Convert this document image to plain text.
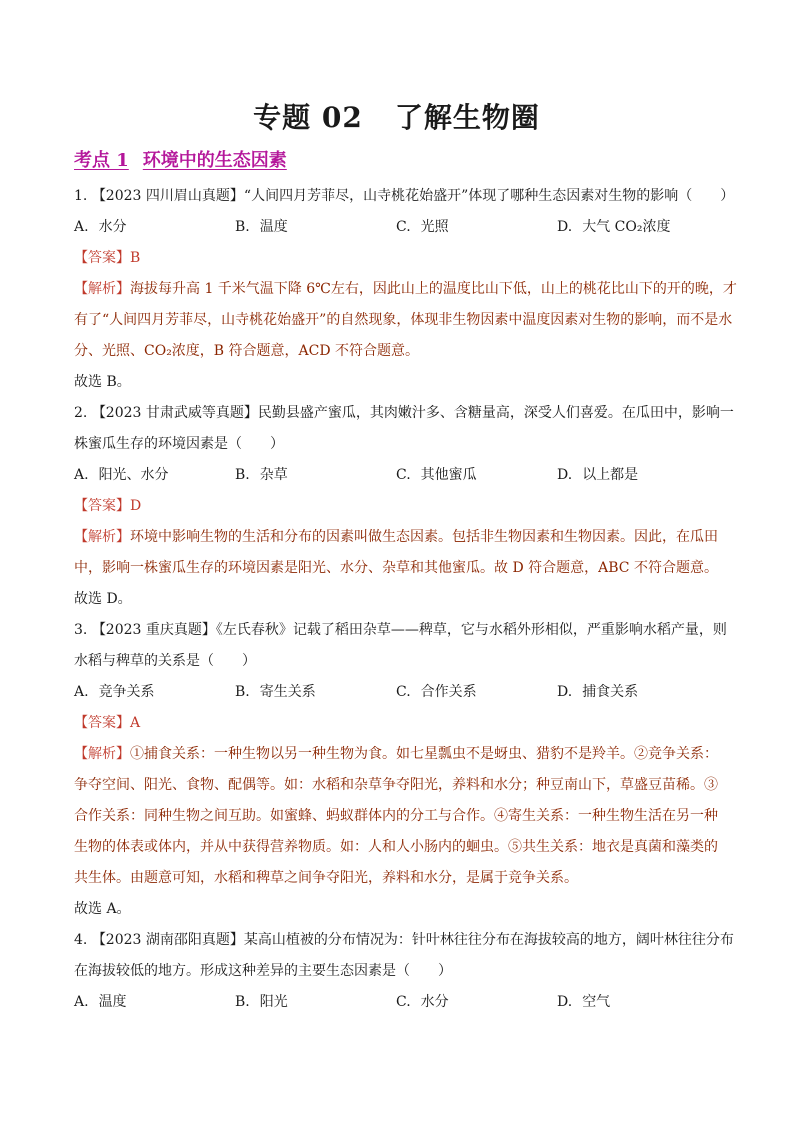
专题 02 了解生物圈
考点 1 环境中的生态因素
1. 【2023 四川眉山真题】“人间四月芳菲尽，山寺桃花始盛开”体现了哪种生态因素对生物的影响（　　）
A. 水分	B. 温度	C. 光照	D. 大气 CO₂浓度
【答案】B
【解析】海拔每升高 1 千米气温下降 6℃左右，因此山上的温度比山下低，山上的桃花比山下的开的晚，才
有了“人间四月芳菲尽，山寺桃花始盛开”的自然现象，体现非生物因素中温度因素对生物的影响，而不是水
分、光照、CO₂浓度，B 符合题意，ACD 不符合题意。
故选 B。
2. 【2023 甘肃武威等真题】民勤县盛产蜜瓜，其肉嫩汁多、含糖量高，深受人们喜爱。在瓜田中，影响一
株蜜瓜生存的环境因素是（　　）
A. 阳光、水分	B. 杂草	C. 其他蜜瓜	D. 以上都是
【答案】D
【解析】环境中影响生物的生活和分布的因素叫做生态因素。包括非生物因素和生物因素。因此，在瓜田
中，影响一株蜜瓜生存的环境因素是阳光、水分、杂草和其他蜜瓜。故 D 符合题意，ABC 不符合题意。
故选 D。
3. 【2023 重庆真题】《左氏春秋》记载了稻田杂草——稗草，它与水稻外形相似，严重影响水稻产量，则
水稻与稗草的关系是（　　）
A. 竞争关系	B. 寄生关系	C. 合作关系	D. 捕食关系
【答案】A
【解析】①捕食关系：一种生物以另一种生物为食。如七星瓢虫不是蚜虫、猎豹不是羚羊。②竞争关系：
争夺空间、阳光、食物、配偶等。如：水稻和杂草争夺阳光，养料和水分；种豆南山下，草盛豆苗稀。③
合作关系：同种生物之间互助。如蜜蜂、蚂蚁群体内的分工与合作。④寄生关系：一种生物生活在另一种
生物的体表或体内，并从中获得营养物质。如：人和人小肠内的蛔虫。⑤共生关系：地衣是真菌和藻类的
共生体。由题意可知，水稻和稗草之间争夺阳光，养料和水分，是属于竞争关系。
故选 A。
4. 【2023 湖南邵阳真题】某高山植被的分布情况为：针叶林往往分布在海拔较高的地方，阔叶林往往分布
在海拔较低的地方。形成这种差异的主要生态因素是（　　）
A. 温度	B. 阳光	C. 水分	D. 空气
